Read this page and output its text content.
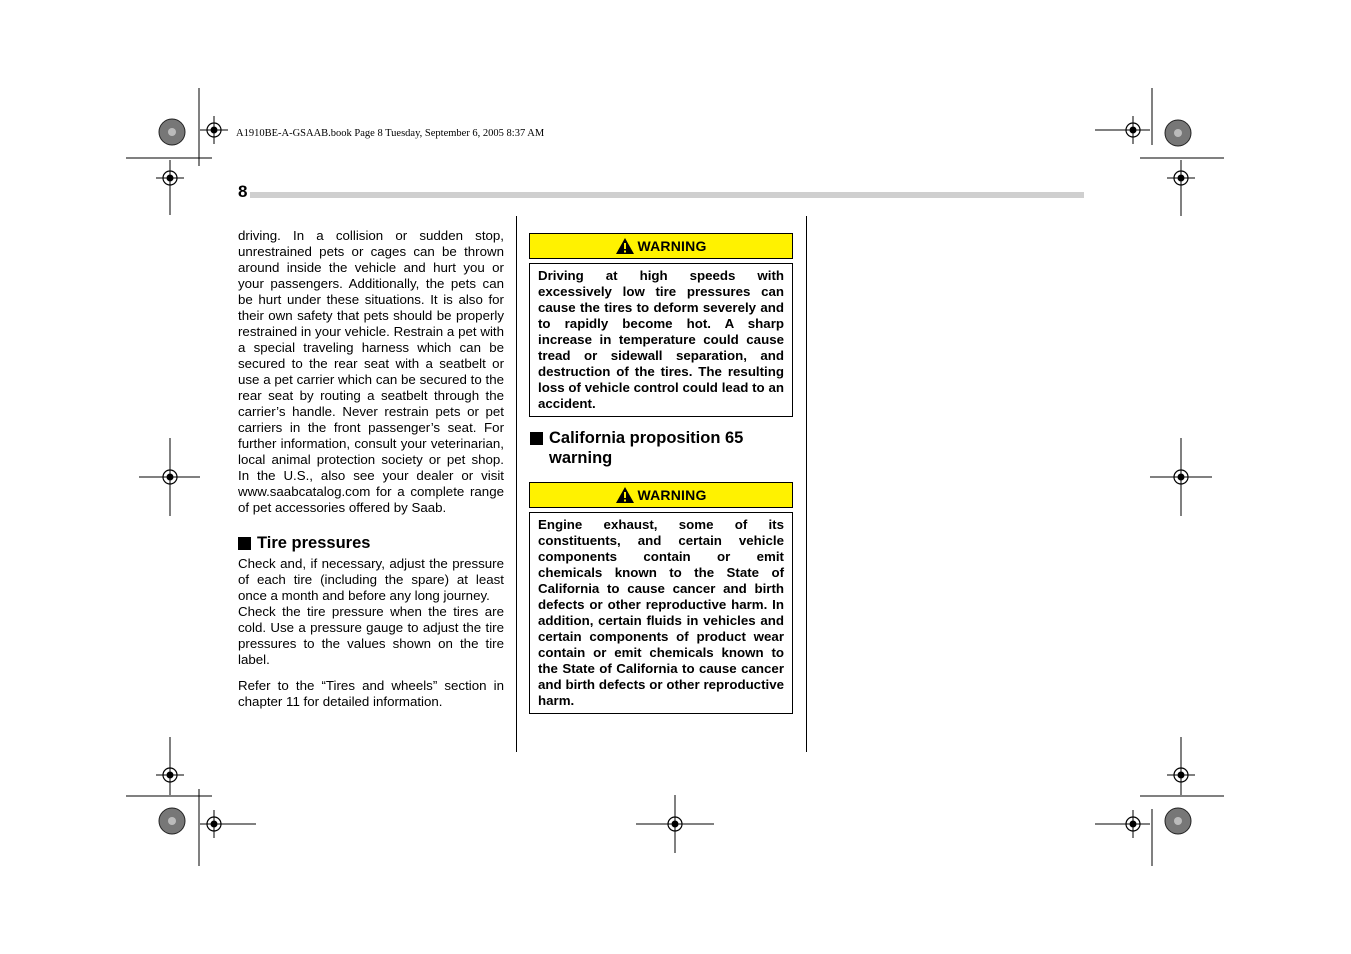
A1910BE-A-GSAAB.book Page 8 Tuesday, September 6, 2005 8:37 AM
8

driving. In a collision or sudden stop, unrestrained pets or cages can be thrown around inside the vehicle and hurt you or your passengers. Additionally, the pets can be hurt under these situations. It is also for their own safety that pets should be properly restrained in your vehicle. Restrain a pet with a special traveling harness which can be secured to the rear seat with a seatbelt or use a pet carrier which can be secured to the rear seat by routing a seatbelt through the carrier’s handle. Never restrain pets or pet carriers in the front passenger’s seat. For further information, consult your veterinarian, local animal protection society or pet shop. In the U.S., also see your dealer or visit www.saabcatalog.com for a complete range of pet accessories offered by Saab.

Tire pressures

Check and, if necessary, adjust the pressure of each tire (including the spare) at least once a month and before any long journey.

Check the tire pressure when the tires are cold. Use a pressure gauge to adjust the tire pressures to the values shown on the tire label.

Refer to the “Tires and wheels” section in chapter 11 for detailed information.

WARNING
Driving at high speeds with excessively low tire pressures can cause the tires to deform severely and to rapidly become hot. A sharp increase in temperature could cause tread or sidewall separation, and destruction of the tires. The resulting loss of vehicle control could lead to an accident.
California proposition 65 warning
WARNING
Engine exhaust, some of its constituents, and certain vehicle components contain or emit chemicals known to the State of California to cause cancer and birth defects or other reproductive harm. In addition, certain fluids in vehicles and certain components of product wear contain or emit chemicals known to the State of California to cause cancer and birth defects or other reproductive harm.
